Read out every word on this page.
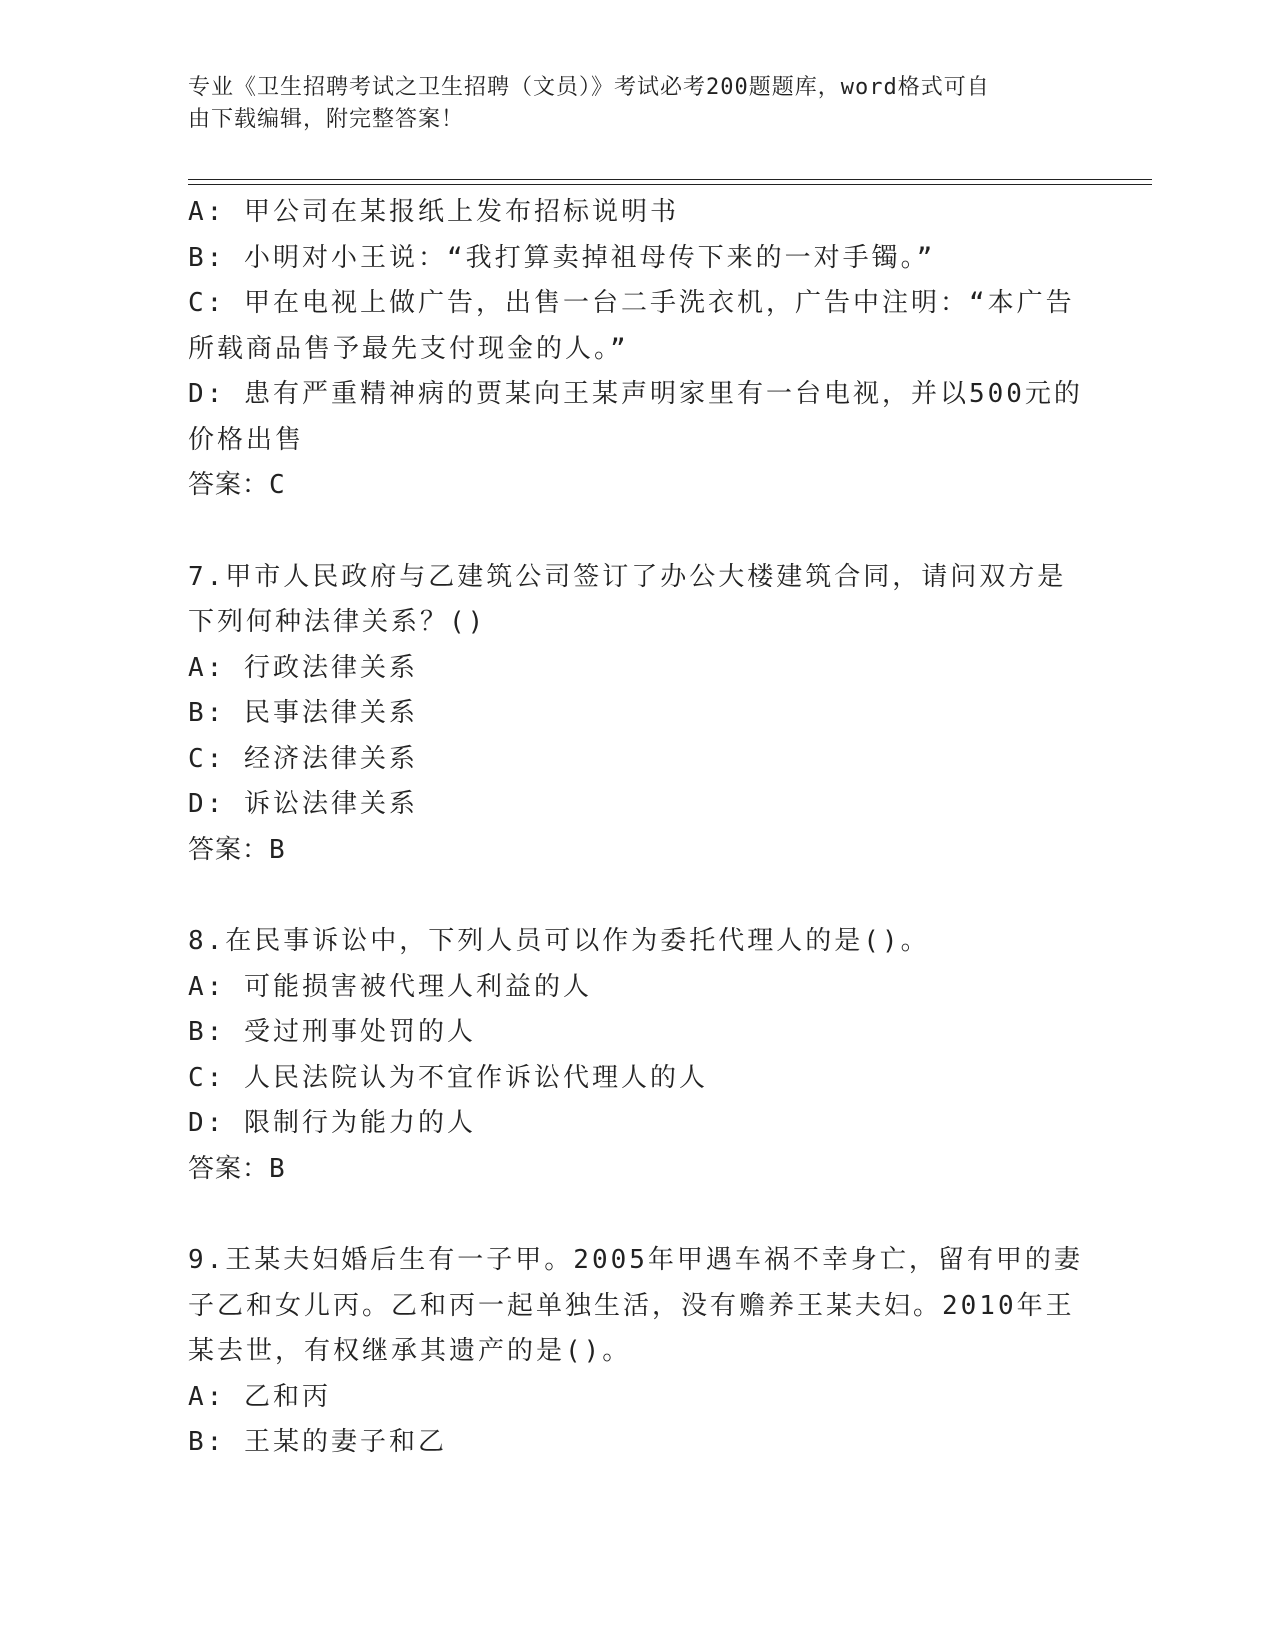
专业《卫生招聘考试之卫生招聘（文员）》考试必考200题题库，word格式可自
由下载编辑，附完整答案！
A: 甲公司在某报纸上发布招标说明书
B: 小明对小王说：“我打算卖掉祖母传下来的一对手镯。”
C: 甲在电视上做广告，出售一台二手洗衣机，广告中注明：“本广告
所载商品售予最先支付现金的人。”
D: 患有严重精神病的贾某向王某声明家里有一台电视，并以500元的
价格出售
答案：C
7.甲市人民政府与乙建筑公司签订了办公大楼建筑合同，请问双方是
下列何种法律关系？()
A: 行政法律关系
B: 民事法律关系
C: 经济法律关系
D: 诉讼法律关系
答案：B
8.在民事诉讼中，下列人员可以作为委托代理人的是()。
A: 可能损害被代理人利益的人
B: 受过刑事处罚的人
C: 人民法院认为不宜作诉讼代理人的人
D: 限制行为能力的人
答案：B
9.王某夫妇婚后生有一子甲。2005年甲遇车祸不幸身亡，留有甲的妻
子乙和女儿丙。乙和丙一起单独生活，没有赡养王某夫妇。2010年王
某去世，有权继承其遗产的是()。
A: 乙和丙
B: 王某的妻子和乙
